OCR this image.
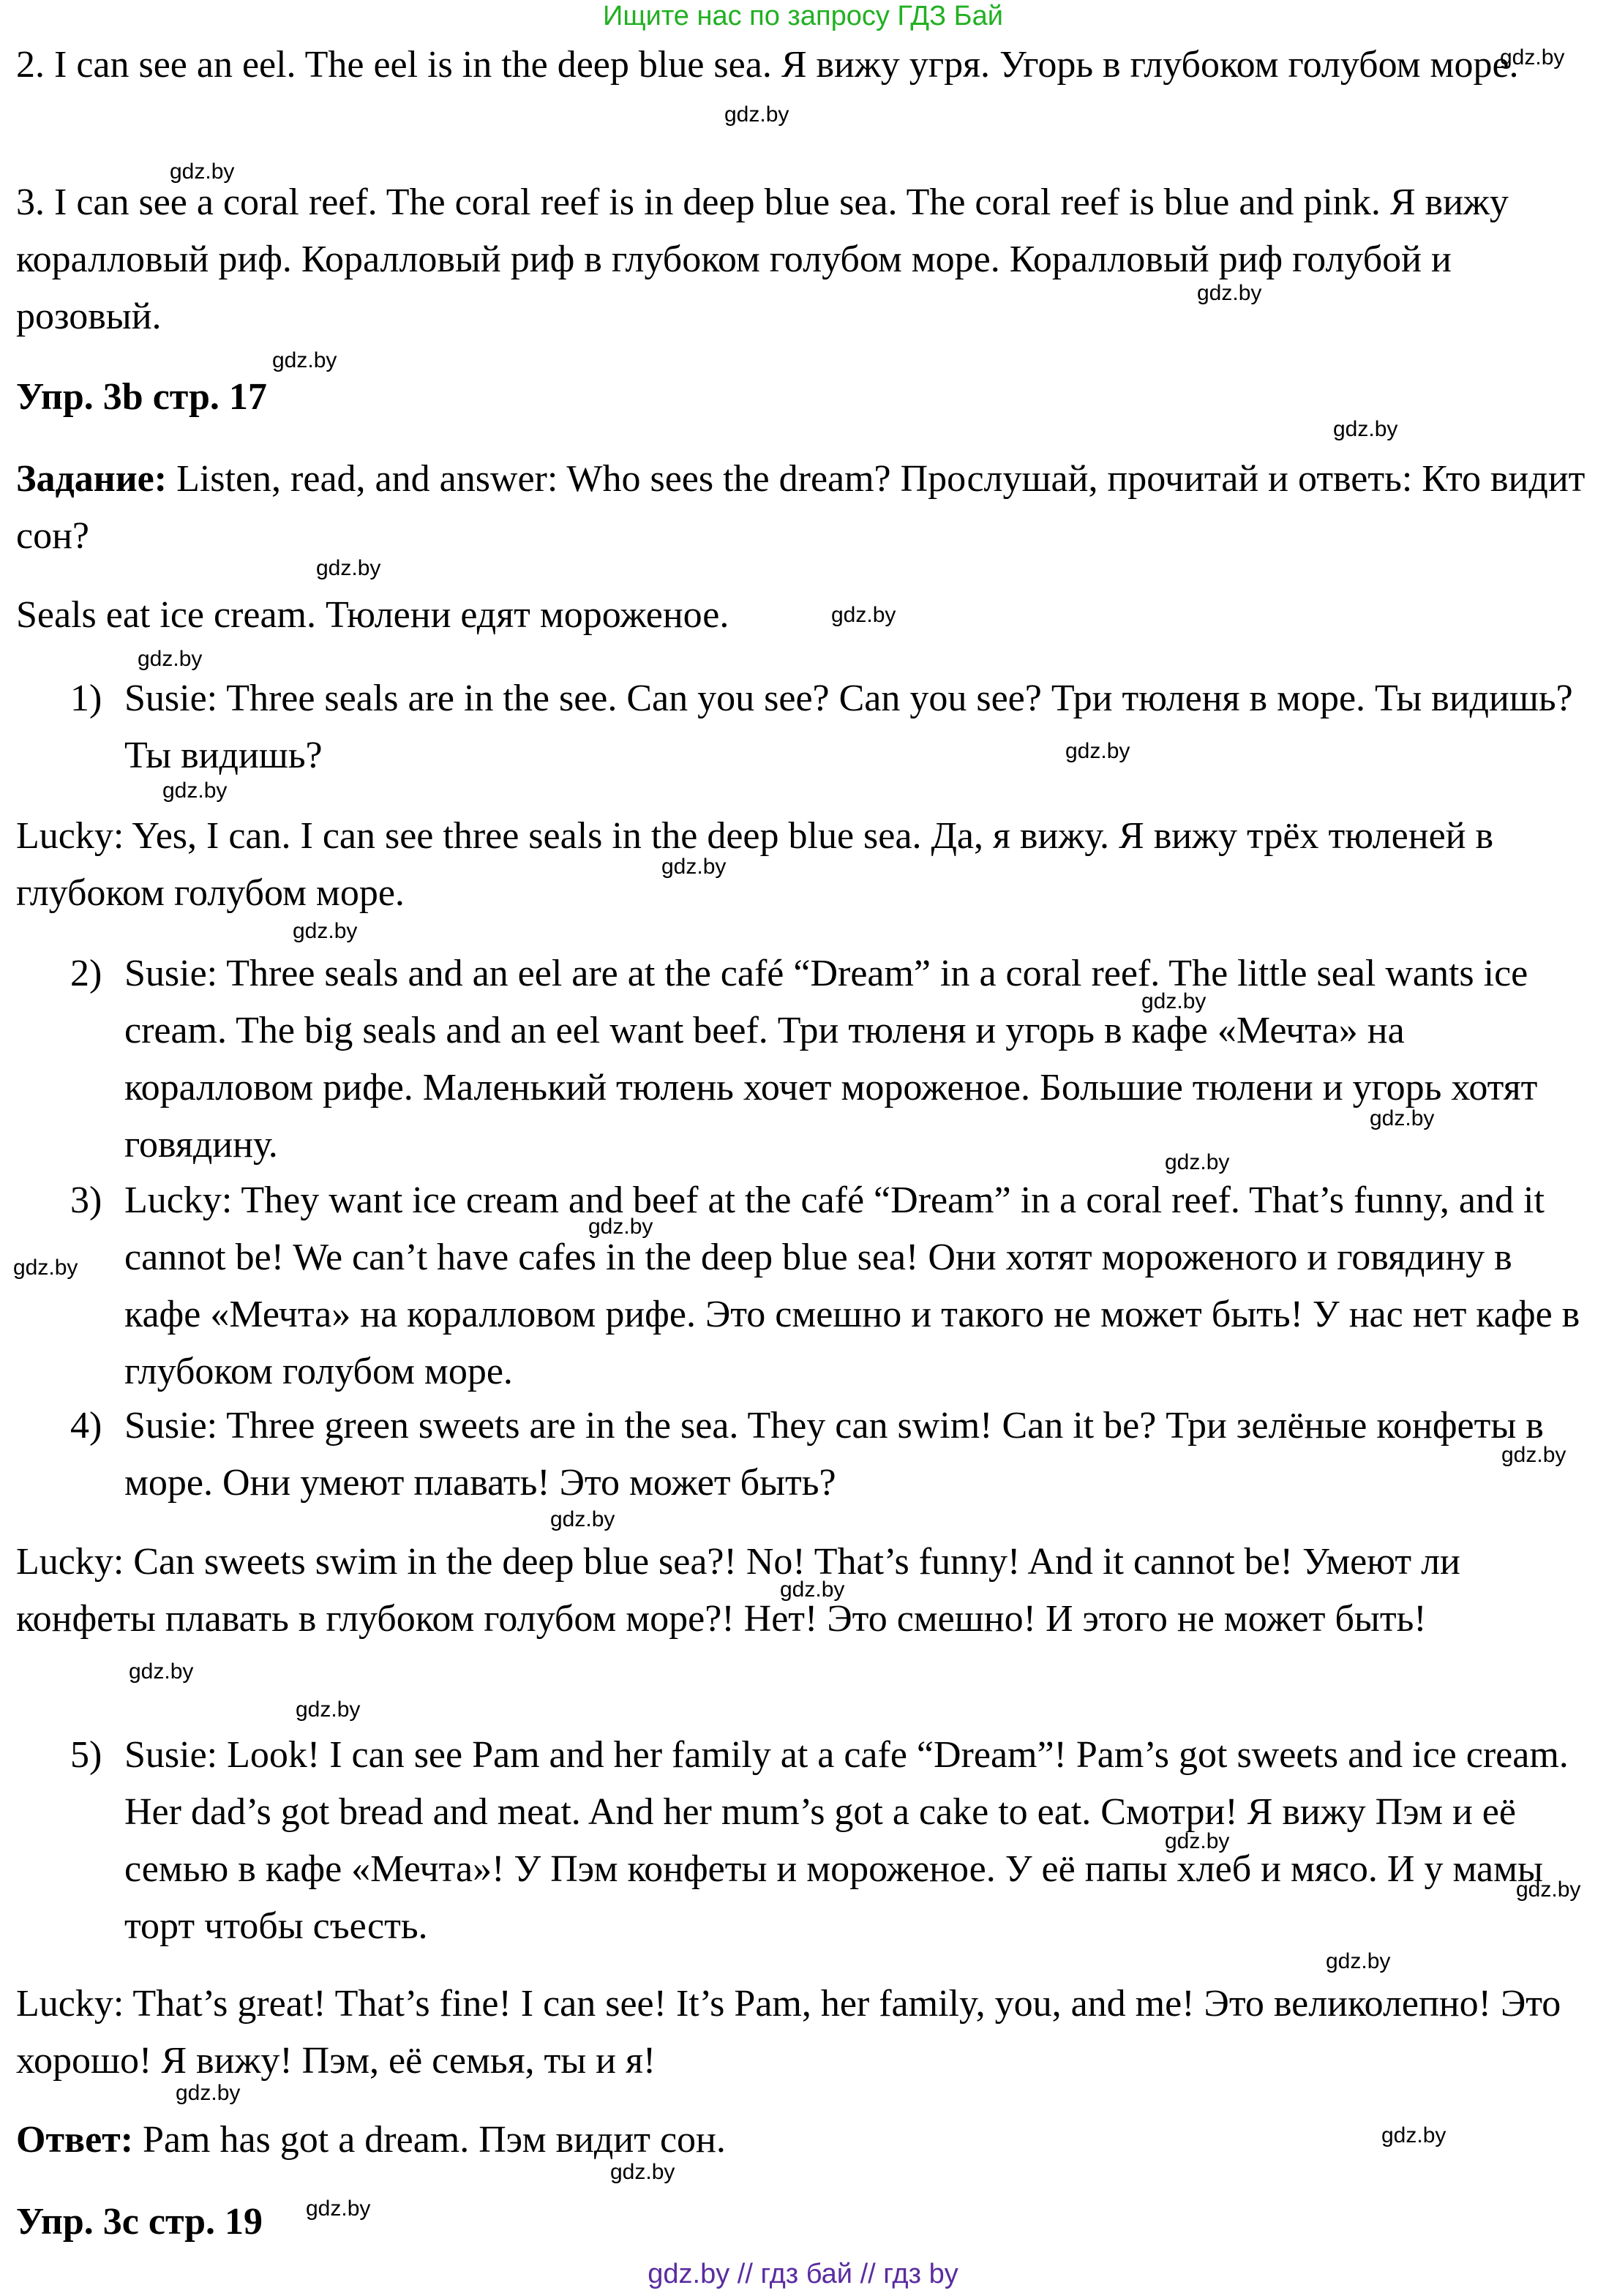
Ищите нас по запросу ГДЗ Бай
2. I can see an eel. The eel is in the deep blue sea. Я вижу угря. Угорь в глубоком голубом море.
3. I can see a coral reef. The coral reef is in deep blue sea. The coral reef is blue and pink. Я вижу коралловый риф. Коралловый риф в глубоком голубом море. Коралловый риф голубой и розовый.
Упр. 3b стр. 17
Задание: Listen, read, and answer: Who sees the dream? Прослушай, прочитай и ответь: Кто видит сон?
Seals eat ice cream. Тюлени едят мороженое.
1) Susie: Three seals are in the see. Can you see? Can you see? Три тюленя в море. Ты видишь? Ты видишь?
Lucky: Yes, I can. I can see three seals in the deep blue sea. Да, я вижу. Я вижу трёх тюленей в глубоком голубом море.
2) Susie: Three seals and an eel are at the café “Dream” in a coral reef. The little seal wants ice cream. The big seals and an eel want beef. Три тюленя и угорь в кафе «Мечта» на коралловом рифе. Маленький тюлень хочет мороженое. Большие тюлени и угорь хотят говядину.
3) Lucky: They want ice cream and beef at the café “Dream” in a coral reef. That’s funny, and it cannot be! We can’t have cafes in the deep blue sea! Они хотят мороженого и говядину в кафе «Мечта» на коралловом рифе. Это смешно и такого не может быть! У нас нет кафе в глубоком голубом море.
4) Susie: Three green sweets are in the sea. They can swim! Can it be? Три зелёные конфеты в море. Они умеют плавать! Это может быть?
Lucky: Can sweets swim in the deep blue sea?! No! That’s funny! And it cannot be! Умеют ли конфеты плавать в глубоком голубом море?! Нет! Это смешно! И этого не может быть!
5) Susie: Look! I can see Pam and her family at a cafe “Dream”! Pam’s got sweets and ice cream. Her dad’s got bread and meat. And her mum’s got a cake to eat. Смотри! Я вижу Пэм и её семью в кафе «Мечта»! У Пэм конфеты и мороженое. У её папы хлеб и мясо. И у мамы торт чтобы съесть.
Lucky: That’s great! That’s fine! I can see! It’s Pam, her family, you, and me! Это великолепно! Это хорошо! Я вижу! Пэм, её семья, ты и я!
Ответ: Pam has got a dream. Пэм видит сон.
Упр. 3с стр. 19
gdz.by
gdz.by
gdz.by
gdz.by
gdz.by
gdz.by
gdz.by
gdz.by
gdz.by
gdz.by
gdz.by
gdz.by
gdz.by
gdz.by
gdz.by
gdz.by
gdz.by
gdz.by
gdz.by
gdz.by
gdz.by
gdz.by
gdz.by
gdz.by
gdz.by
gdz.by
gdz.by
gdz.by
gdz.by
gdz.by
gdz.by // гдз бай // гдз by
